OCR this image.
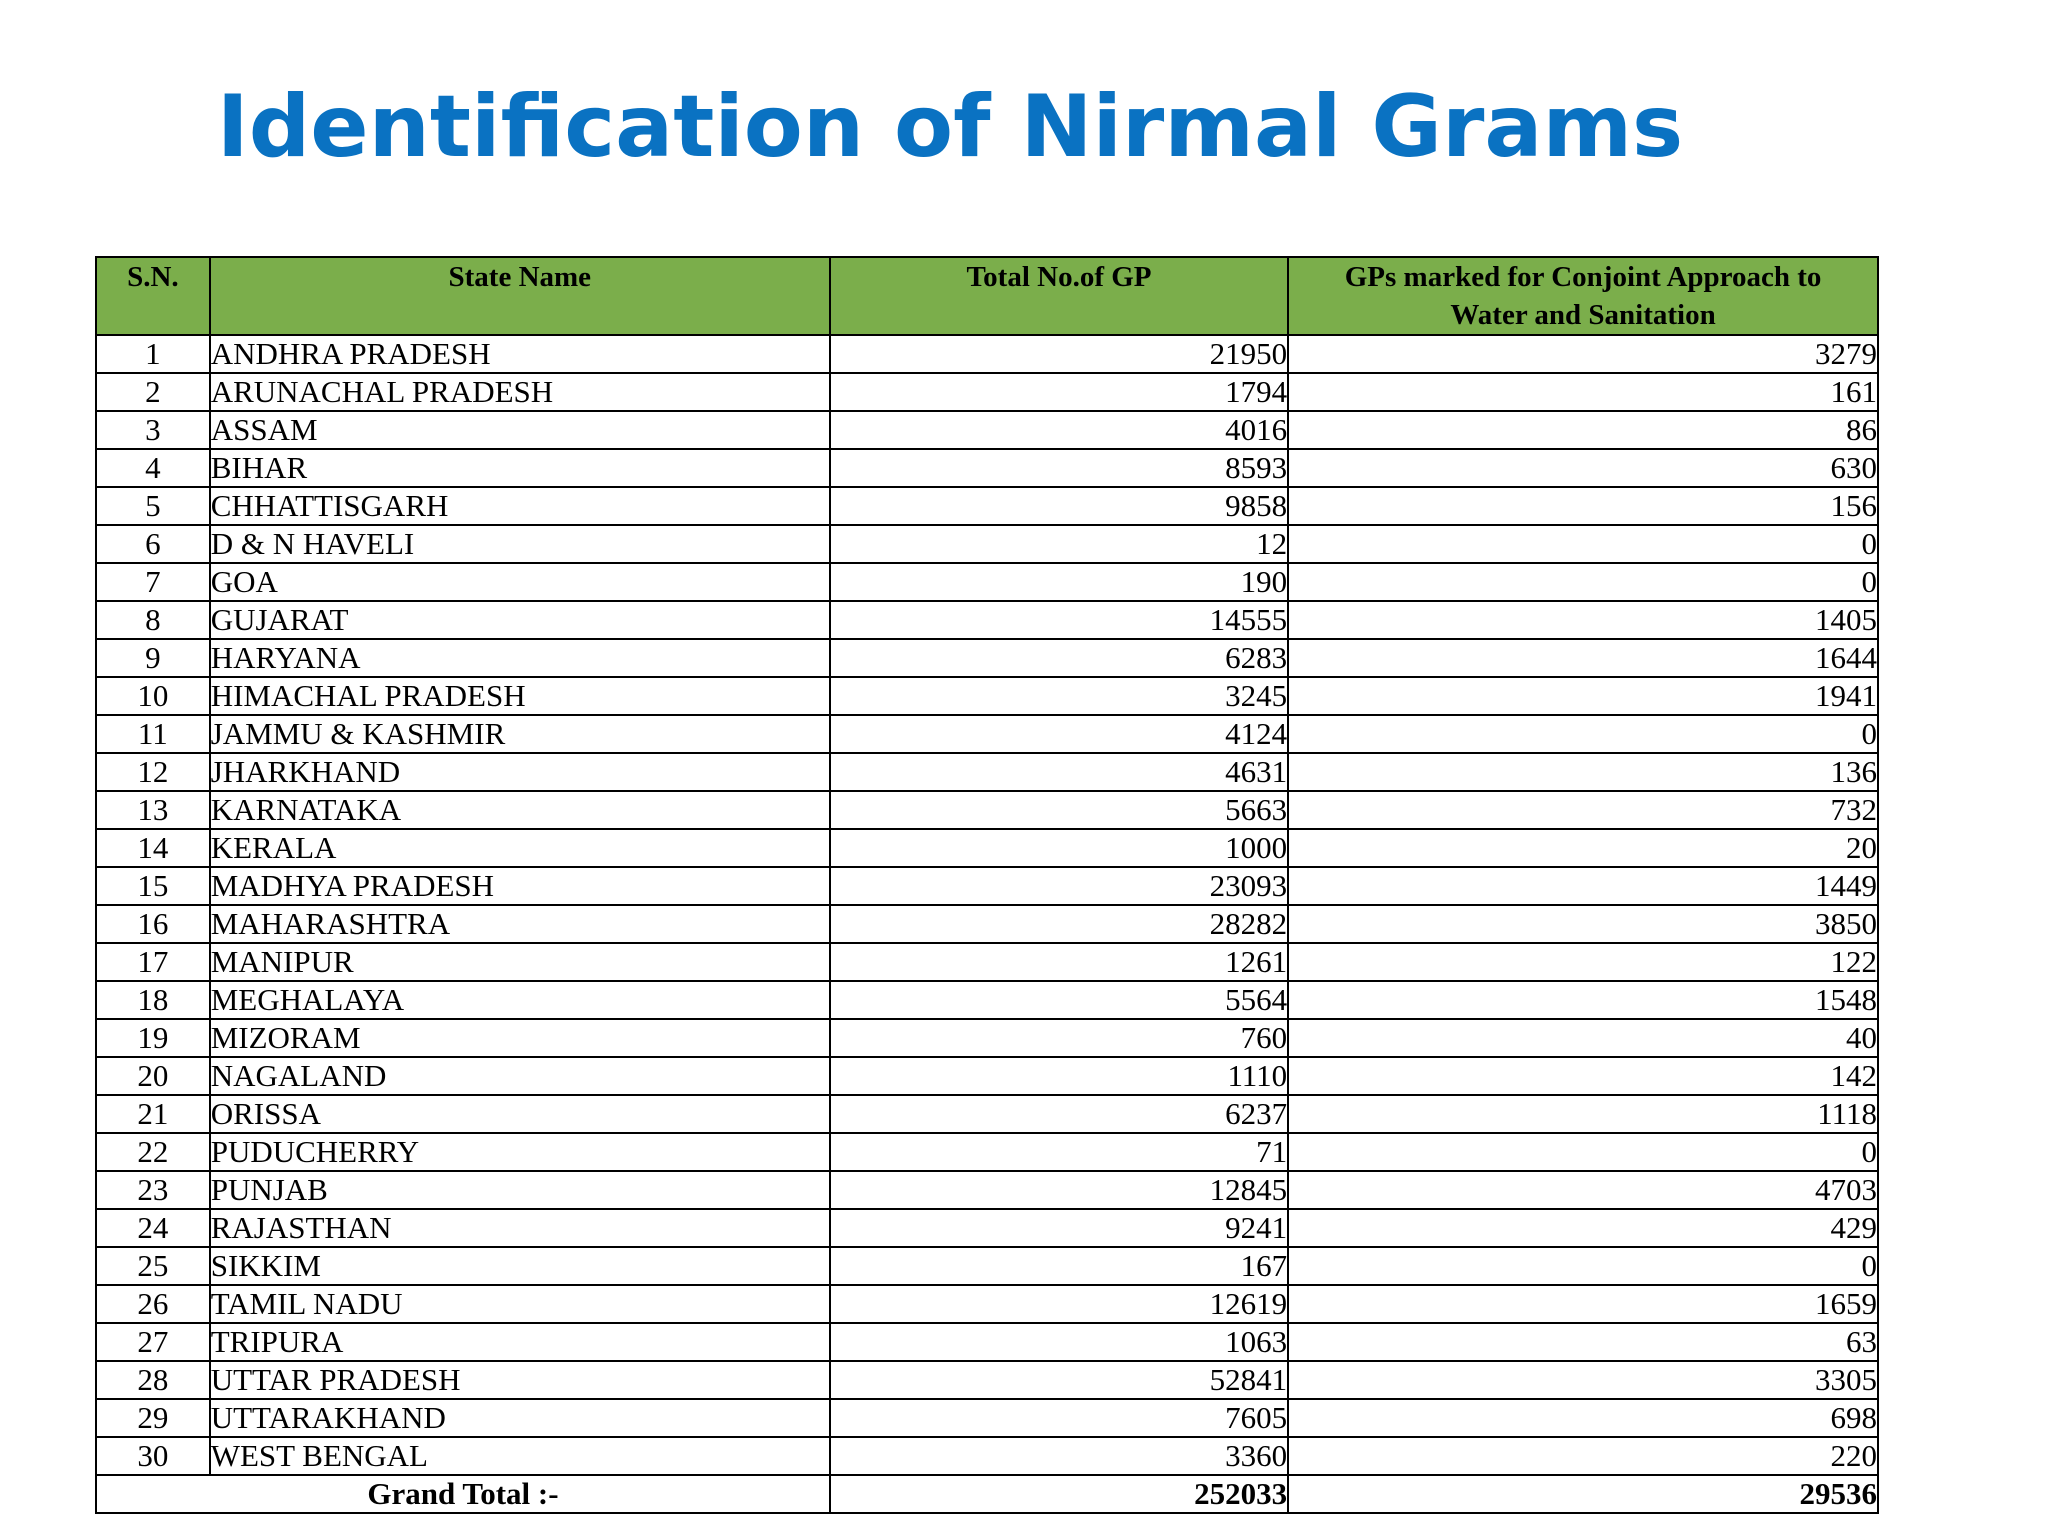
Identification of Nirmal Grams
S.N.	State Name	Total No.of GP	GPs marked for Conjoint Approach to
Water and Sanitation
1	ANDHRA PRADESH	21950	3279
2	ARUNACHAL PRADESH	1794	161
3	ASSAM	4016	86
4	BIHAR	8593	630
5	CHHATTISGARH	9858	156
6	D & N HAVELI	12	0
7	GOA	190	0
8	GUJARAT	14555	1405
9	HARYANA	6283	1644
10	HIMACHAL PRADESH	3245	1941
11	JAMMU & KASHMIR	4124	0
12	JHARKHAND	4631	136
13	KARNATAKA	5663	732
14	KERALA	1000	20
15	MADHYA PRADESH	23093	1449
16	MAHARASHTRA	28282	3850
17	MANIPUR	1261	122
18	MEGHALAYA	5564	1548
19	MIZORAM	760	40
20	NAGALAND	1110	142
21	ORISSA	6237	1118
22	PUDUCHERRY	71	0
23	PUNJAB	12845	4703
24	RAJASTHAN	9241	429
25	SIKKIM	167	0
26	TAMIL NADU	12619	1659
27	TRIPURA	1063	63
28	UTTAR PRADESH	52841	3305
29	UTTARAKHAND	7605	698
30	WEST BENGAL	3360	220
Grand Total :-		252033	29536
